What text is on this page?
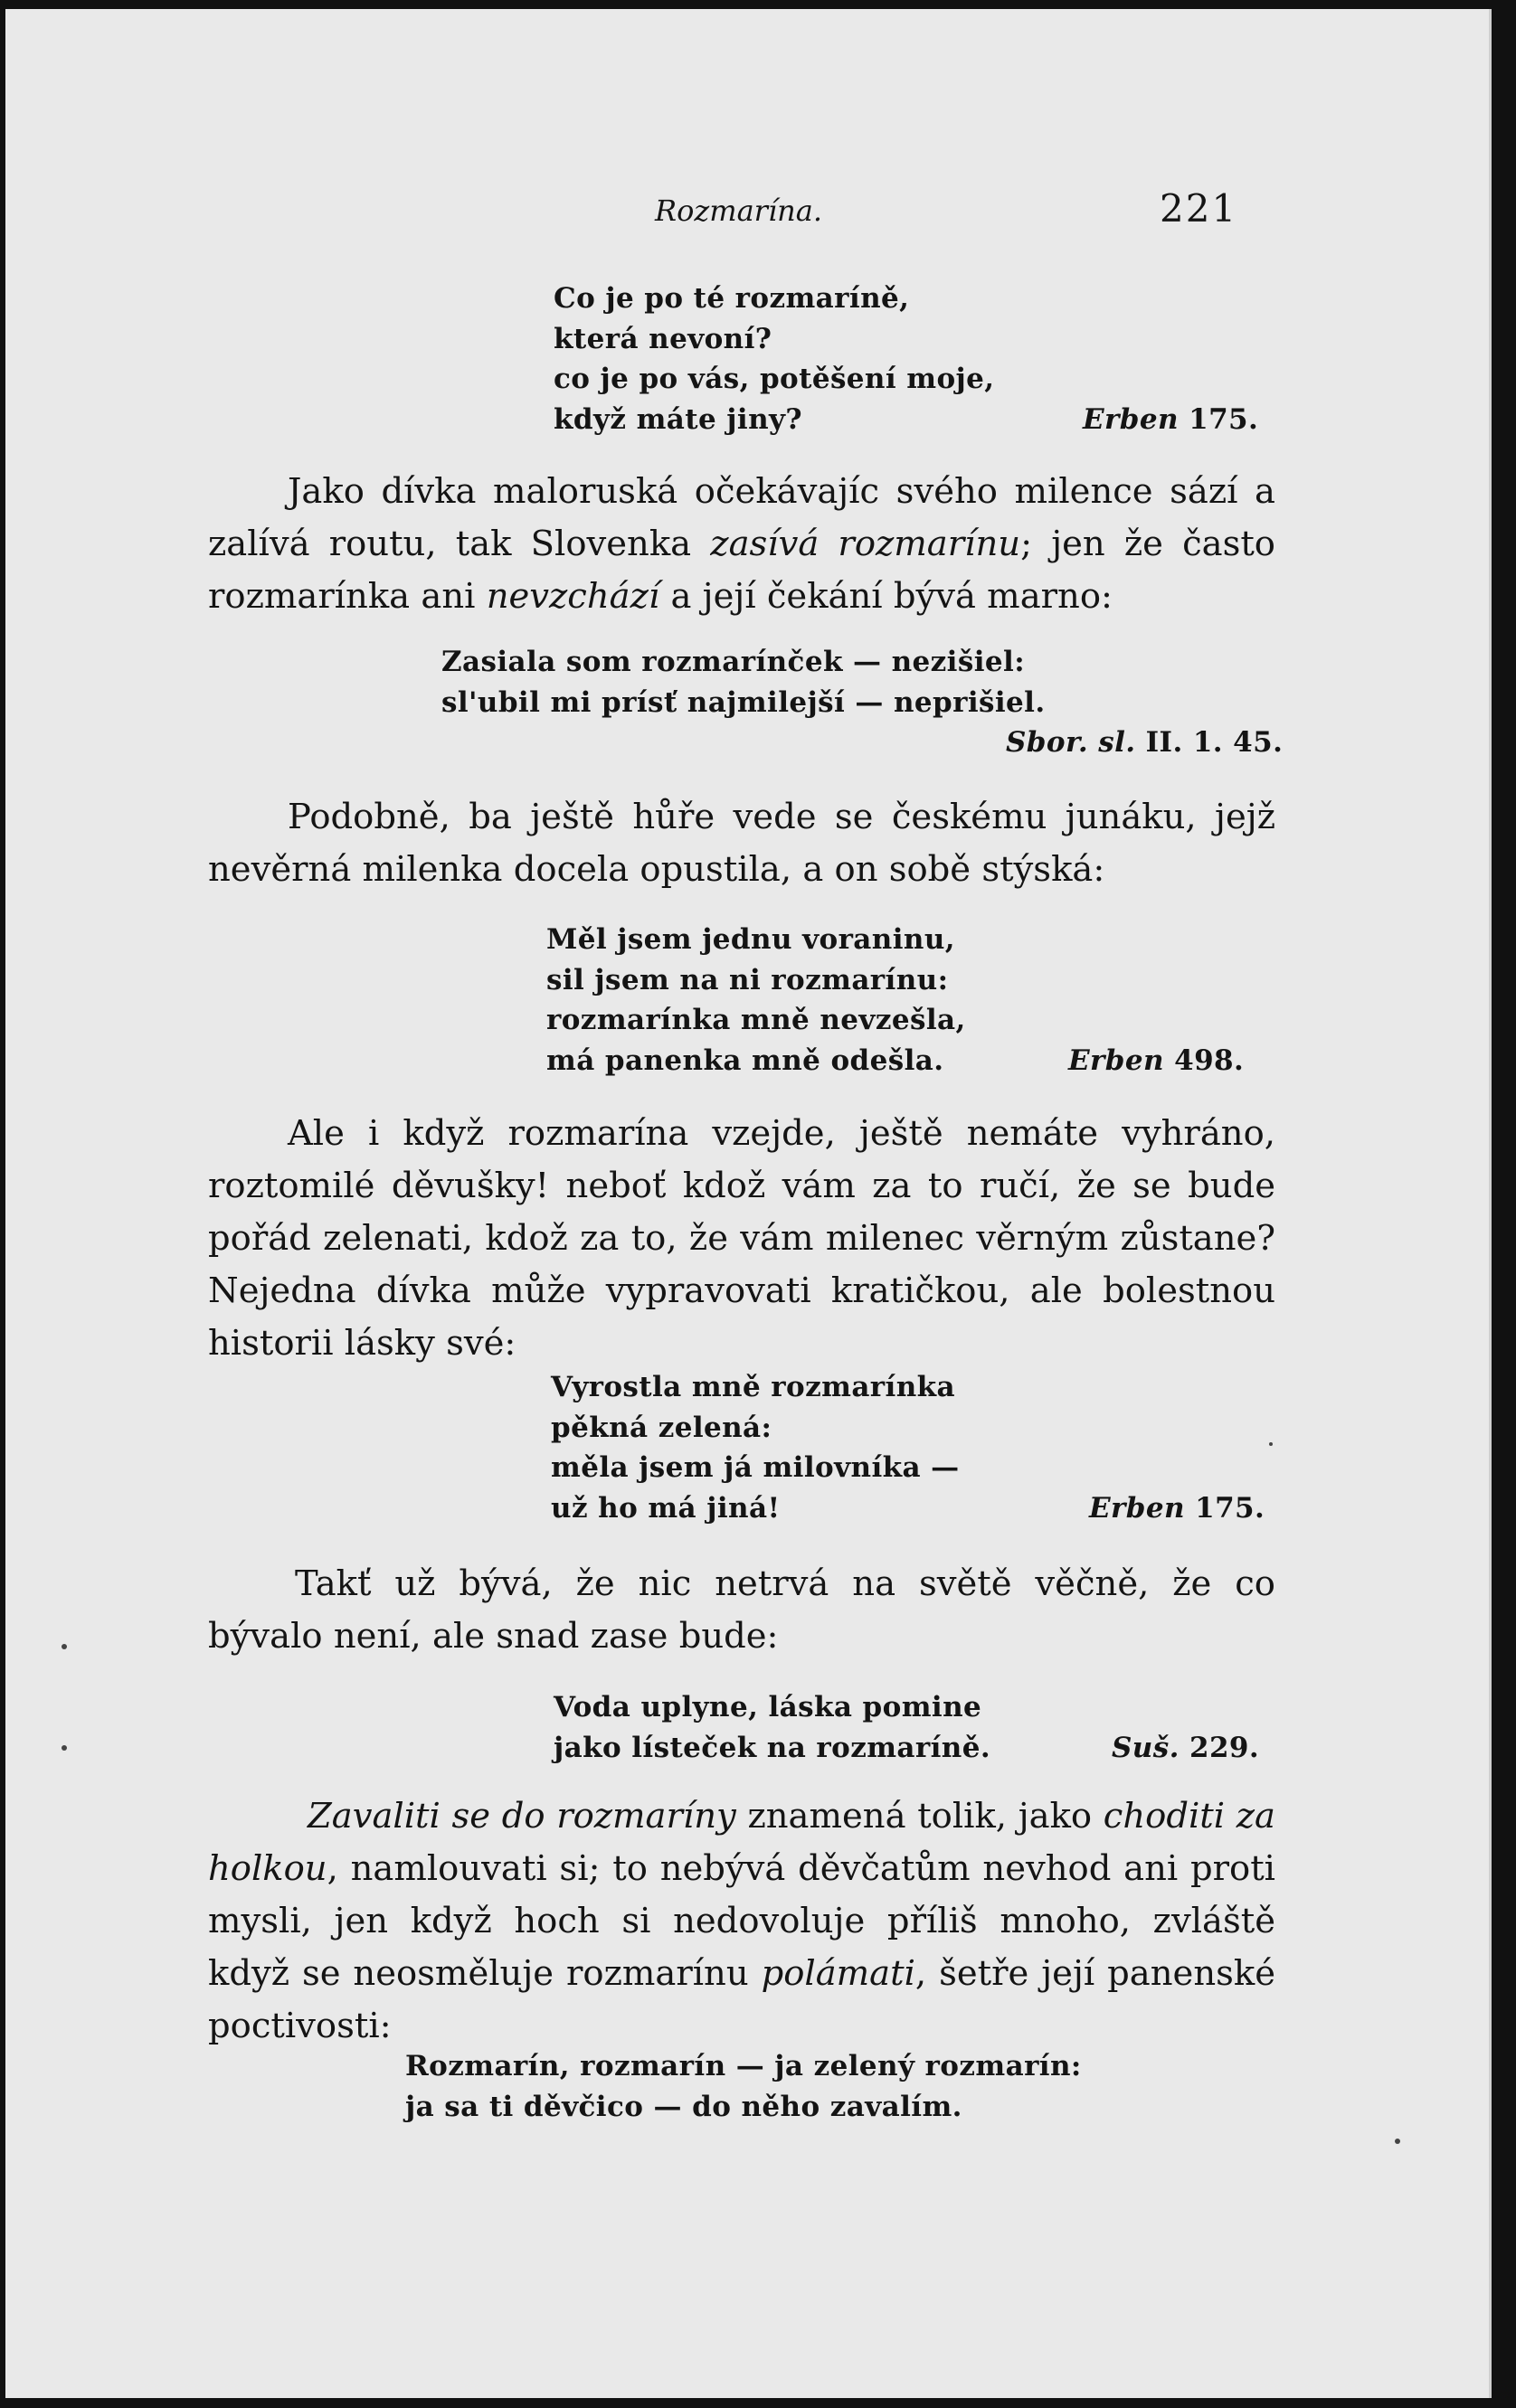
Rozmarína.	221
Co je po té rozmaríně,
která nevoní?
co je po vás, potěšení moje,
když máte jiny?	Erben 175.

Jako dívka maloruská očekávajíc svého milence sází a zalívá routu, tak Slovenka zasívá rozmarínu; jen že často rozmarínka ani nevzchází a její čekání bývá marno:

Zasiala som rozmarínček — nezišiel:
sl'ubil mi prísť najmilejší — neprišiel.
Sbor. sl. II. 1. 45.

Podobně, ba ještě hůře vede se českému junáku, jejž nevěrná milenka docela opustila, a on sobě stýská:

Měl jsem jednu voraninu,
sil jsem na ni rozmarínu:
rozmarínka mně nevzešla,
má panenka mně odešla.	Erben 498.

Ale i když rozmarína vzejde, ještě nemáte vyhráno, roztomilé děvušky! neboť kdož vám za to ručí, že se bude pořád zelenati, kdož za to, že vám milenec věrným zůstane? Nejedna dívka může vypravovati kratičkou, ale bolestnou historii lásky své:

Vyrostla mně rozmarínka
pěkná zelená:
měla jsem já milovníka —
už ho má jiná!	Erben 175.

Takť už bývá, že nic netrvá na světě věčně, že co bývalo není, ale snad zase bude:

Voda uplyne, láska pomine
jako lísteček na rozmaríně.	Suš. 229.

Zavaliti se do rozmaríny znamená tolik, jako choditi za holkou, namlouvati si; to nebývá děvčatům nevhod ani proti mysli, jen když hoch si nedovoluje příliš mnoho, zvláště když se neosměluje rozmarínu polámati, šetře její panenské poctivosti:

Rozmarín, rozmarín — ja zelený rozmarín:
ja sa ti děvčico — do něho zavalím.
